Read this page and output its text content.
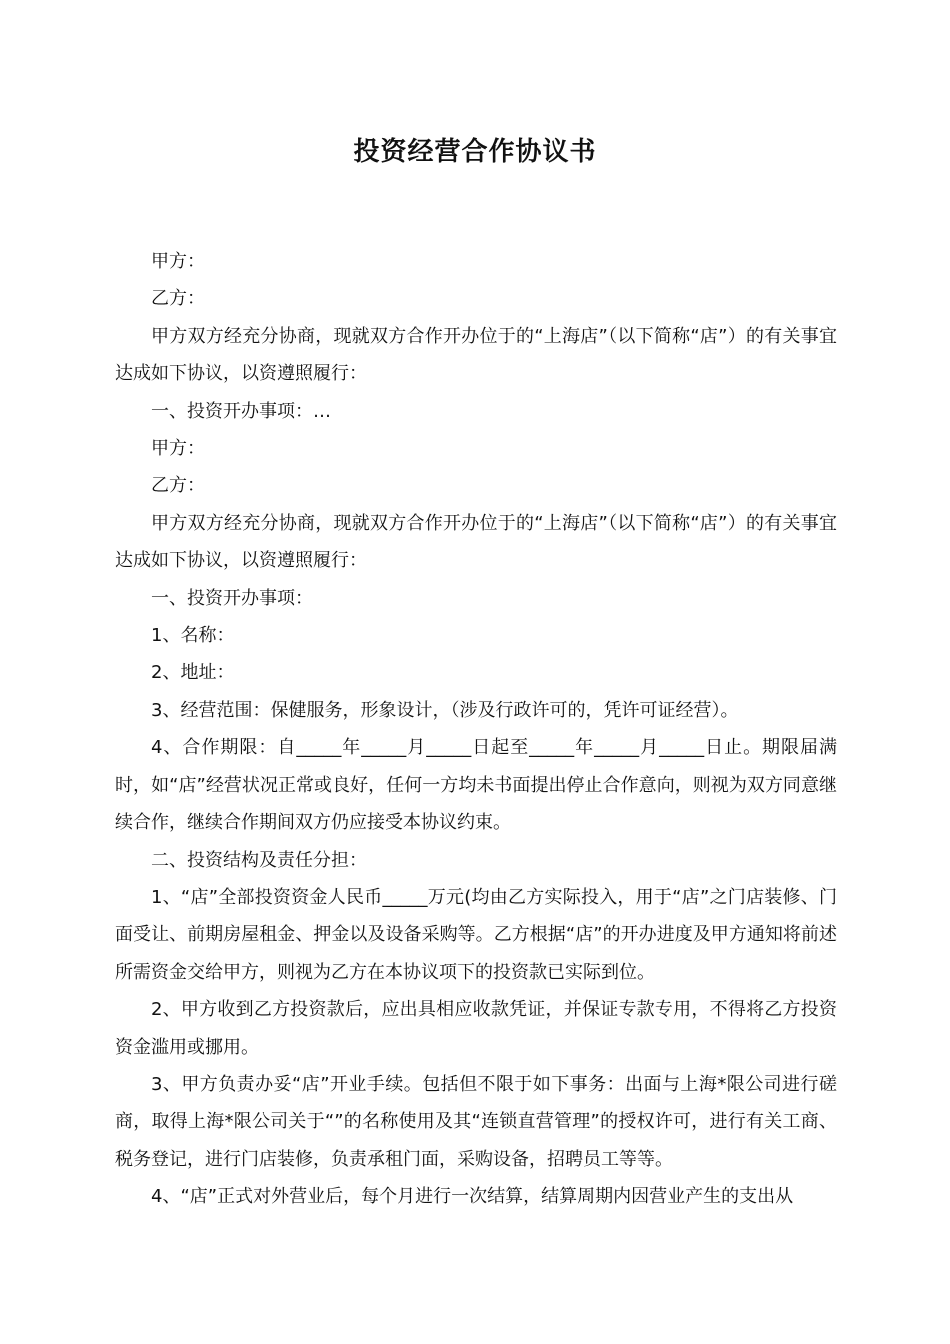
投资经营合作协议书

甲方：

乙方：

甲方双方经充分协商，现就双方合作开办位于的“上海店”（以下简称“店”）的有关事宜达成如下协议，以资遵照履行：

一、投资开办事项：…

甲方：

乙方：

甲方双方经充分协商，现就双方合作开办位于的“上海店”（以下简称“店”）的有关事宜达成如下协议，以资遵照履行：

一、投资开办事项：

1、名称：

2、地址：

3、经营范围：保健服务，形象设计，（涉及行政许可的，凭许可证经营）。

4、合作期限：自_____年_____月_____日起至_____年_____月_____日止。期限届满时，如“店”经营状况正常或良好，任何一方均未书面提出停止合作意向，则视为双方同意继续合作，继续合作期间双方仍应接受本协议约束。

二、投资结构及责任分担：

1、“店”全部投资资金人民币_____万元(均由乙方实际投入，用于“店”之门店装修、门面受让、前期房屋租金、押金以及设备采购等。乙方根据“店”的开办进度及甲方通知将前述所需资金交给甲方，则视为乙方在本协议项下的投资款已实际到位。

2、甲方收到乙方投资款后，应出具相应收款凭证，并保证专款专用，不得将乙方投资资金滥用或挪用。

3、甲方负责办妥“店”开业手续。包括但不限于如下事务：出面与上海*限公司进行磋商，取得上海*限公司关于“”的名称使用及其“连锁直营管理”的授权许可，进行有关工商、税务登记，进行门店装修，负责承租门面，采购设备，招聘员工等等。

4、“店”正式对外营业后，每个月进行一次结算，结算周期内因营业产生的支出从
